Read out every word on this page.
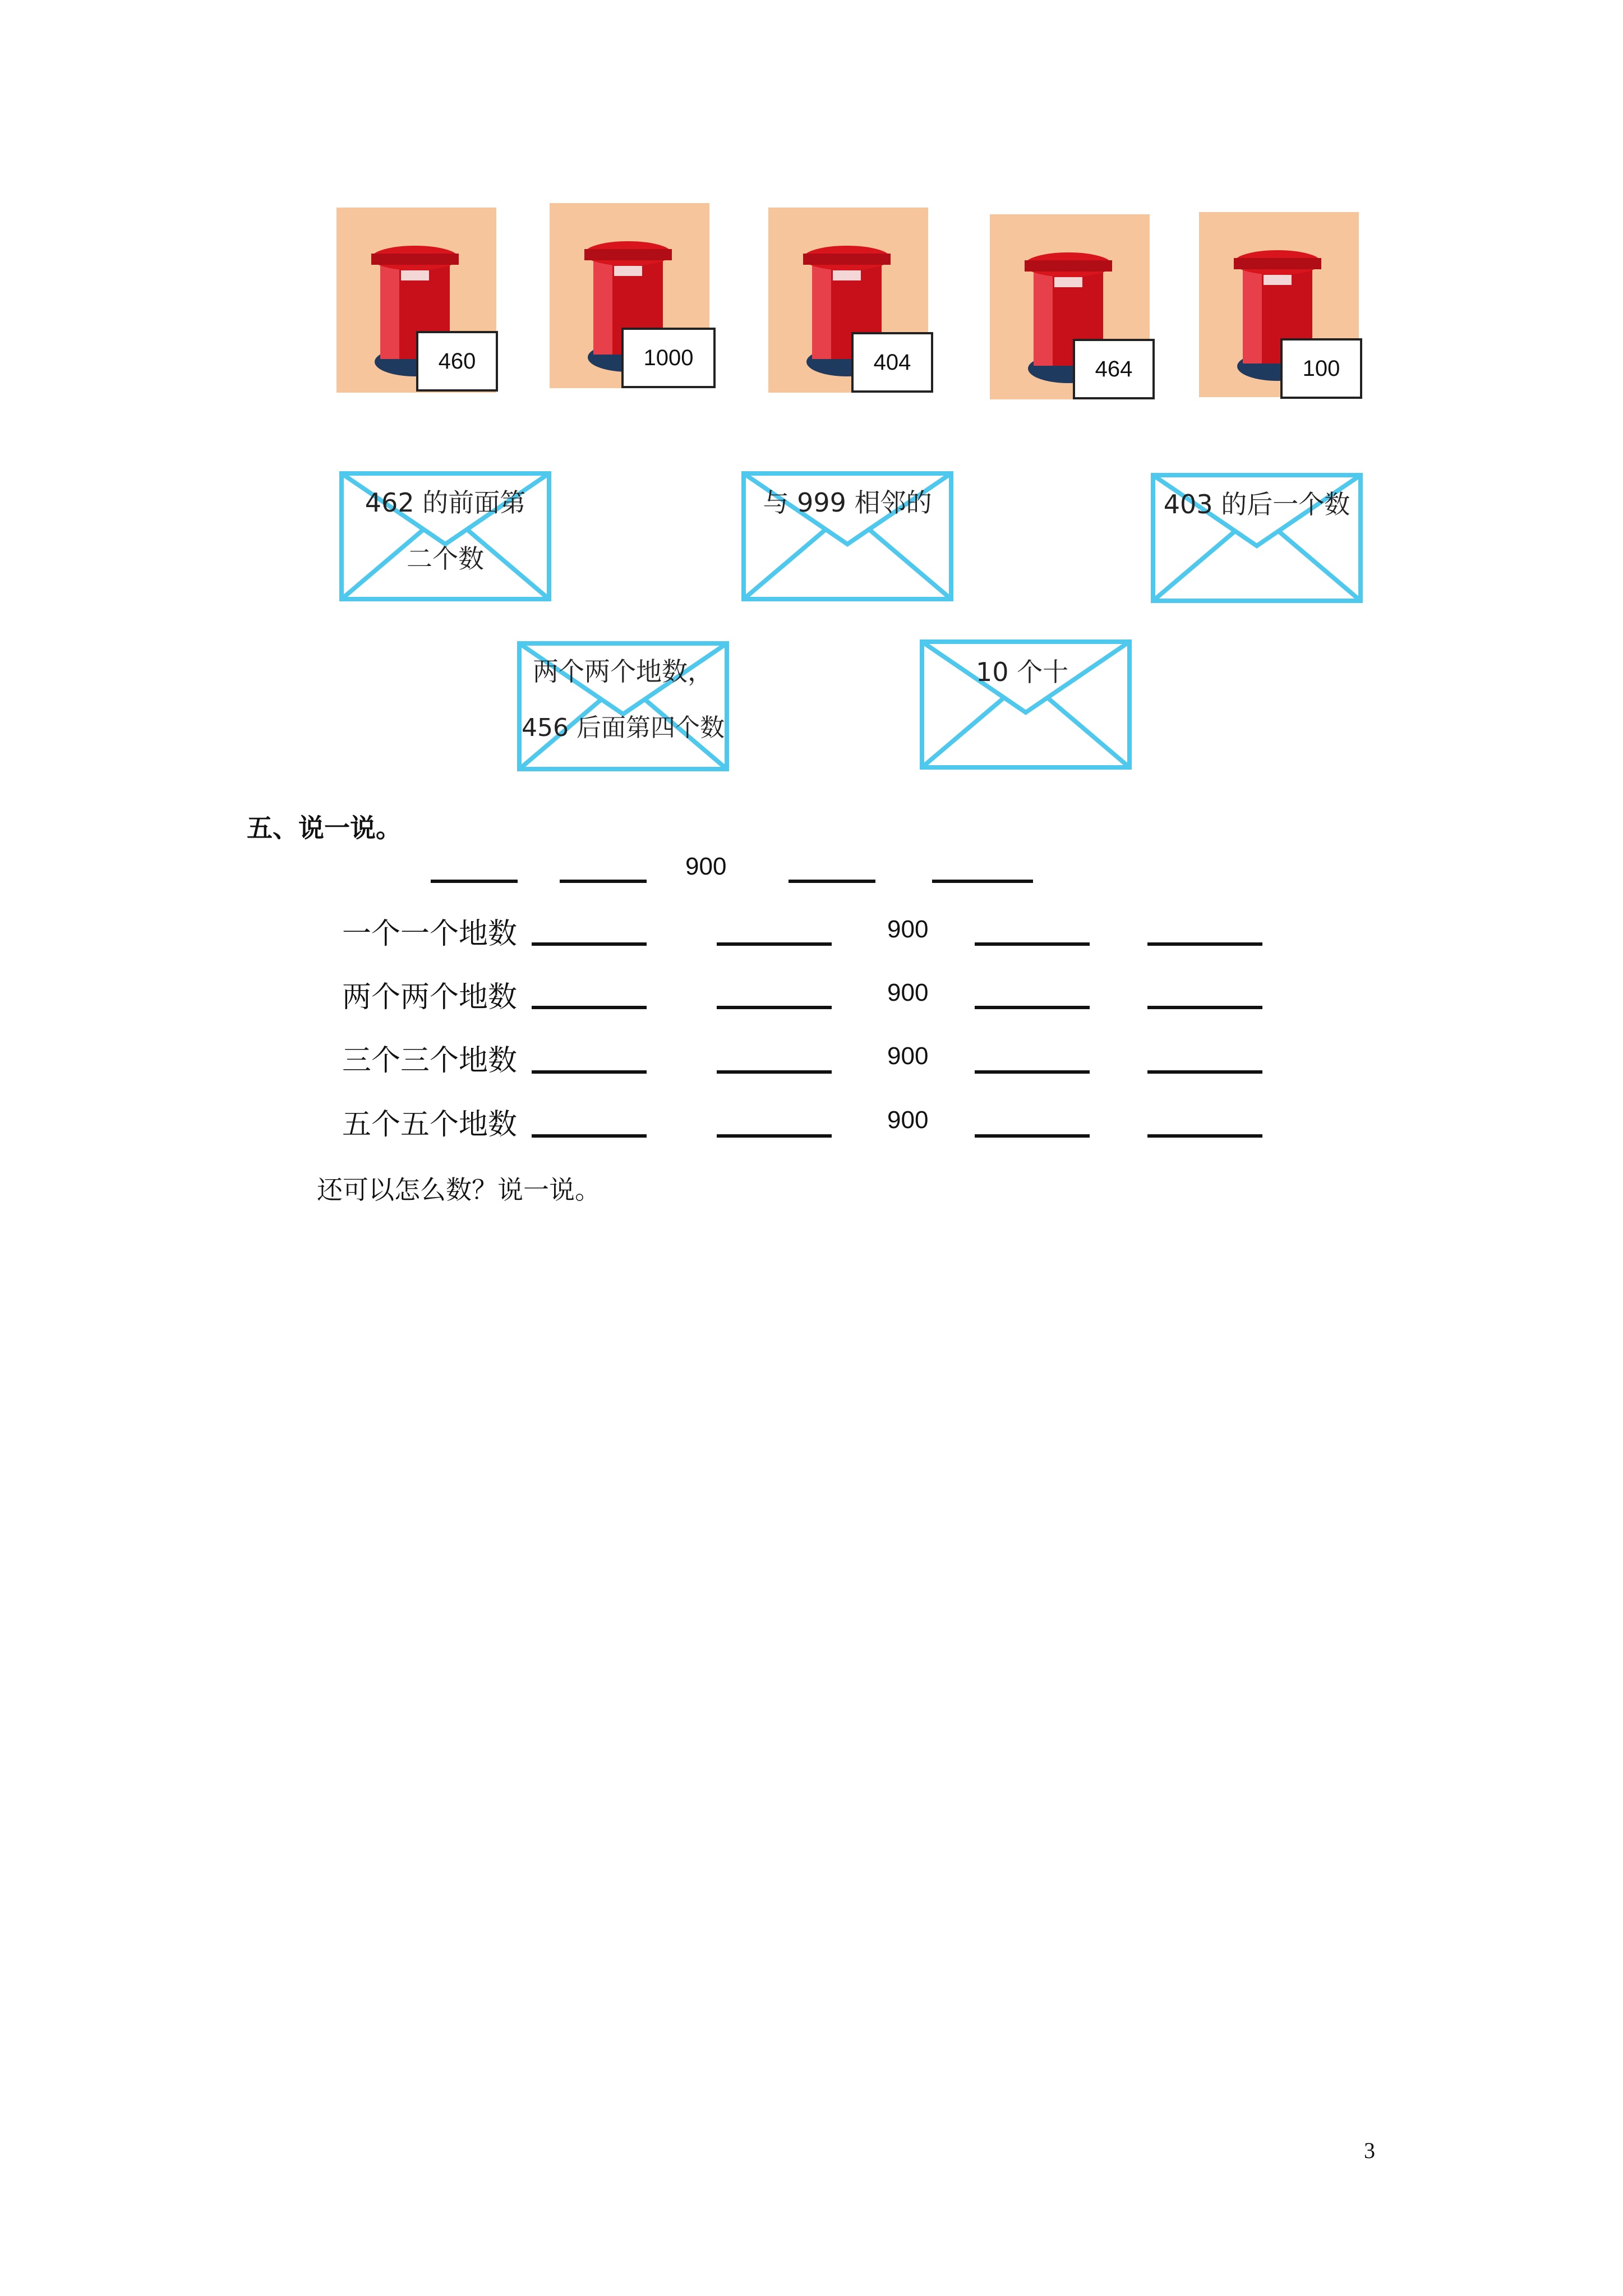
460	1000	404	464	100
462 的前面第
二个数
与 999 相邻的	403 的后一个数
两个两个地数，
456 后面第四个数
10 个十
五、说一说。
900
一个一个地数	900
两个两个地数	900
三个三个地数	900
五个五个地数	900
还可以怎么数？说一说。
3
